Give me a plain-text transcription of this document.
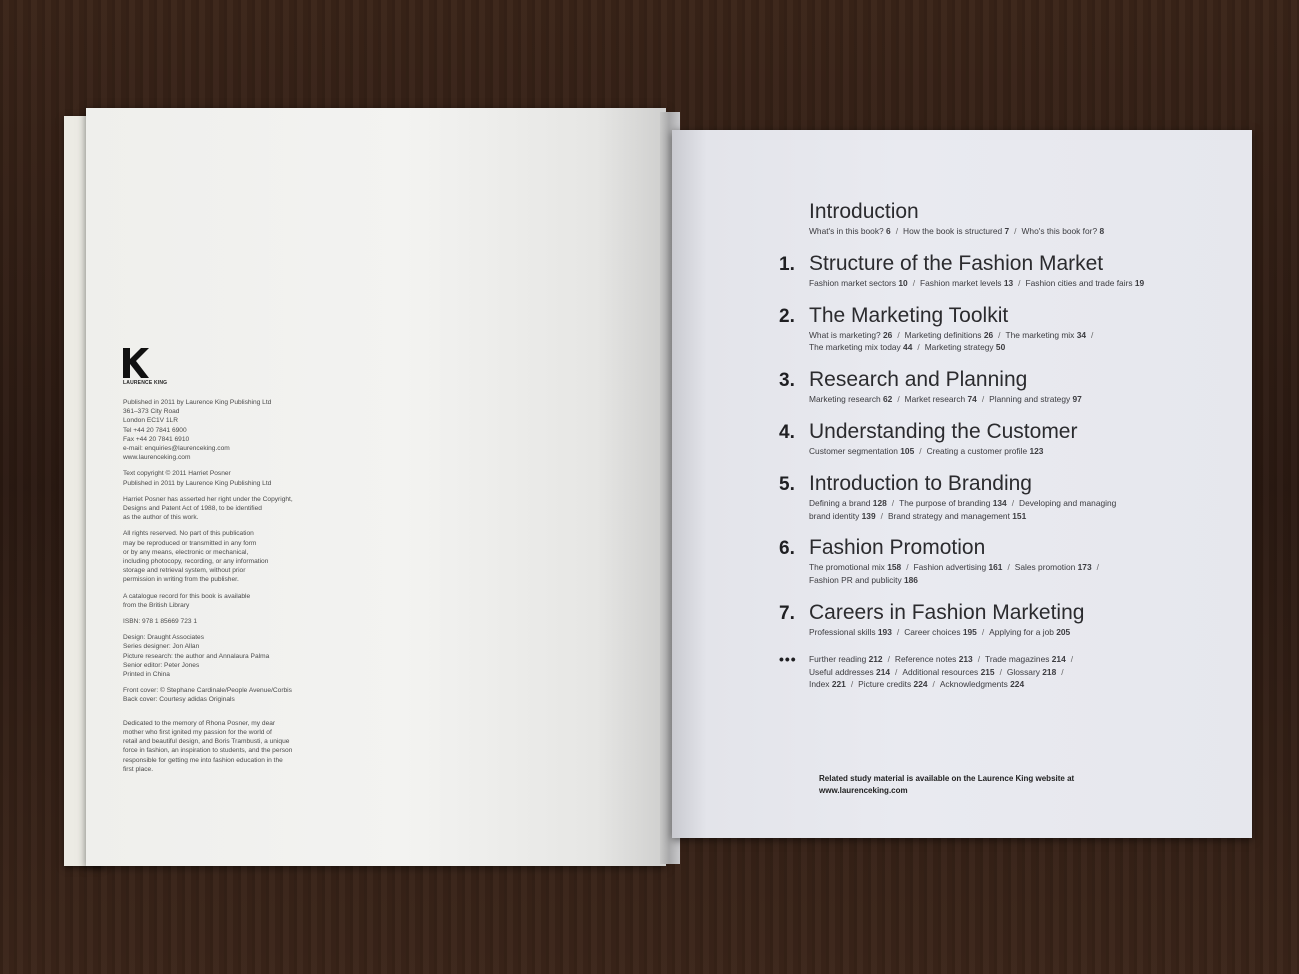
LAURENCE KING
Published in 2011 by Laurence King Publishing Ltd
361–373 City Road
London EC1V 1LR
Tel +44 20 7841 6900
Fax +44 20 7841 6910
e-mail: enquiries@laurenceking.com
www.laurenceking.com
Text copyright © 2011 Harriet Posner
Published in 2011 by Laurence King Publishing Ltd
Harriet Posner has asserted her right under the Copyright,
Designs and Patent Act of 1988, to be identified
as the author of this work.
All rights reserved. No part of this publication
may be reproduced or transmitted in any form
or by any means, electronic or mechanical,
including photocopy, recording, or any information
storage and retrieval system, without prior
permission in writing from the publisher.
A catalogue record for this book is available
from the British Library
ISBN: 978 1 85669 723 1
Design: Draught Associates
Series designer: Jon Allan
Picture research: the author and Annalaura Palma
Senior editor: Peter Jones
Printed in China
Front cover: © Stephane Cardinale/People Avenue/Corbis
Back cover: Courtesy adidas Originals
Dedicated to the memory of Rhona Posner, my dear
mother who first ignited my passion for the world of
retail and beautiful design, and Boris Trambusti, a unique
force in fashion, an inspiration to students, and the person
responsible for getting me into fashion education in the
first place.
Introduction
What's in this book? 6 / How the book is structured 7 / Who's this book for? 8
1. Structure of the Fashion Market
Fashion market sectors 10 / Fashion market levels 13 / Fashion cities and trade fairs 19
2. The Marketing Toolkit
What is marketing? 26 / Marketing definitions 26 / The marketing mix 34 /
The marketing mix today 44 / Marketing strategy 50
3. Research and Planning
Marketing research 62 / Market research 74 / Planning and strategy 97
4. Understanding the Customer
Customer segmentation 105 / Creating a customer profile 123
5. Introduction to Branding
Defining a brand 128 / The purpose of branding 134 / Developing and managing
brand identity 139 / Brand strategy and management 151
6. Fashion Promotion
The promotional mix 158 / Fashion advertising 161 / Sales promotion 173 /
Fashion PR and publicity 186
7. Careers in Fashion Marketing
Professional skills 193 / Career choices 195 / Applying for a job 205
••• Further reading 212 / Reference notes 213 / Trade magazines 214 /
Useful addresses 214 / Additional resources 215 / Glossary 218 /
Index 221 / Picture credits 224 / Acknowledgments 224
Related study material is available on the Laurence King website at
www.laurenceking.com
